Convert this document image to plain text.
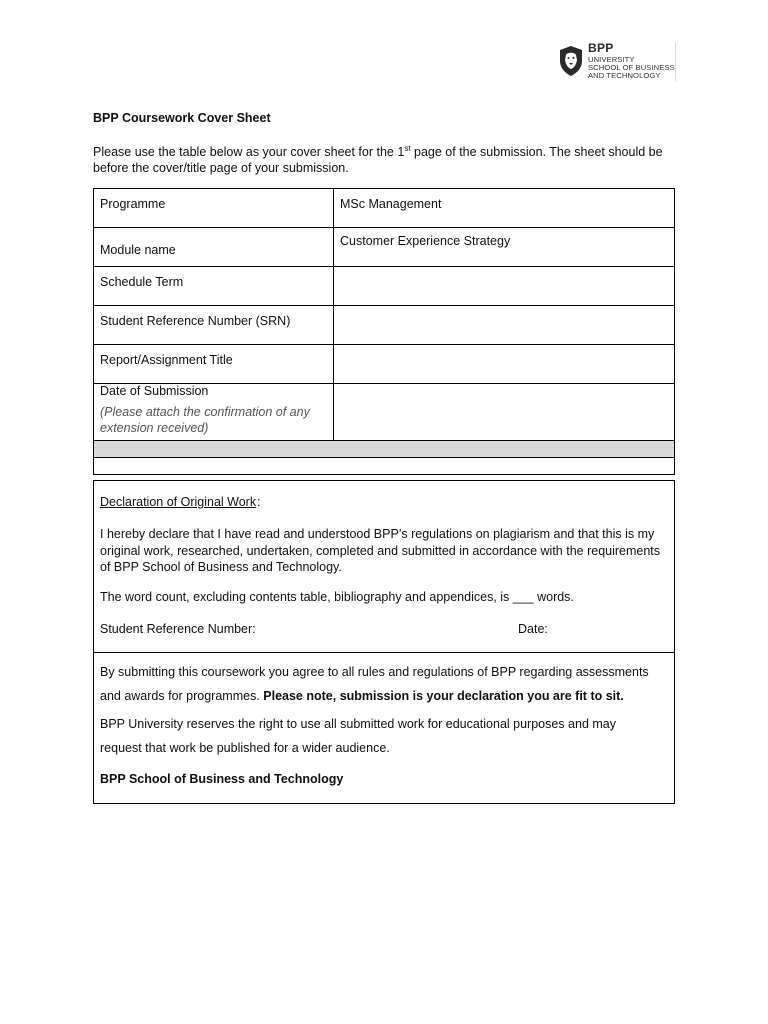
BPP
UNIVERSITY
SCHOOL OF BUSINESS
AND TECHNOLOGY
BPP Coursework Cover Sheet
Please use the table below as your cover sheet for the 1st page of the submission. The sheet should be before the cover/title page of your submission.
Programme	MSc Management

Module name	Customer Experience Strategy

Schedule Term	

Student Reference Number (SRN)	

Report/Assignment Title	

Date of Submission
(Please attach the confirmation of any extension received)	

Declaration of Original Work :
I hereby declare that I have read and understood BPP’s regulations on plagiarism and that this is my original work, researched, undertaken, completed and submitted in accordance with the requirements of BPP School of Business and Technology.
The word count, excluding contents table, bibliography and appendices, is ___ words.
Student Reference Number:	Date:
By submitting this coursework you agree to all rules and regulations of BPP regarding assessments and awards for programmes. Please note, submission is your declaration you are fit to sit.
BPP University reserves the right to use all submitted work for educational purposes and may request that work be published for a wider audience.
BPP School of Business and Technology
